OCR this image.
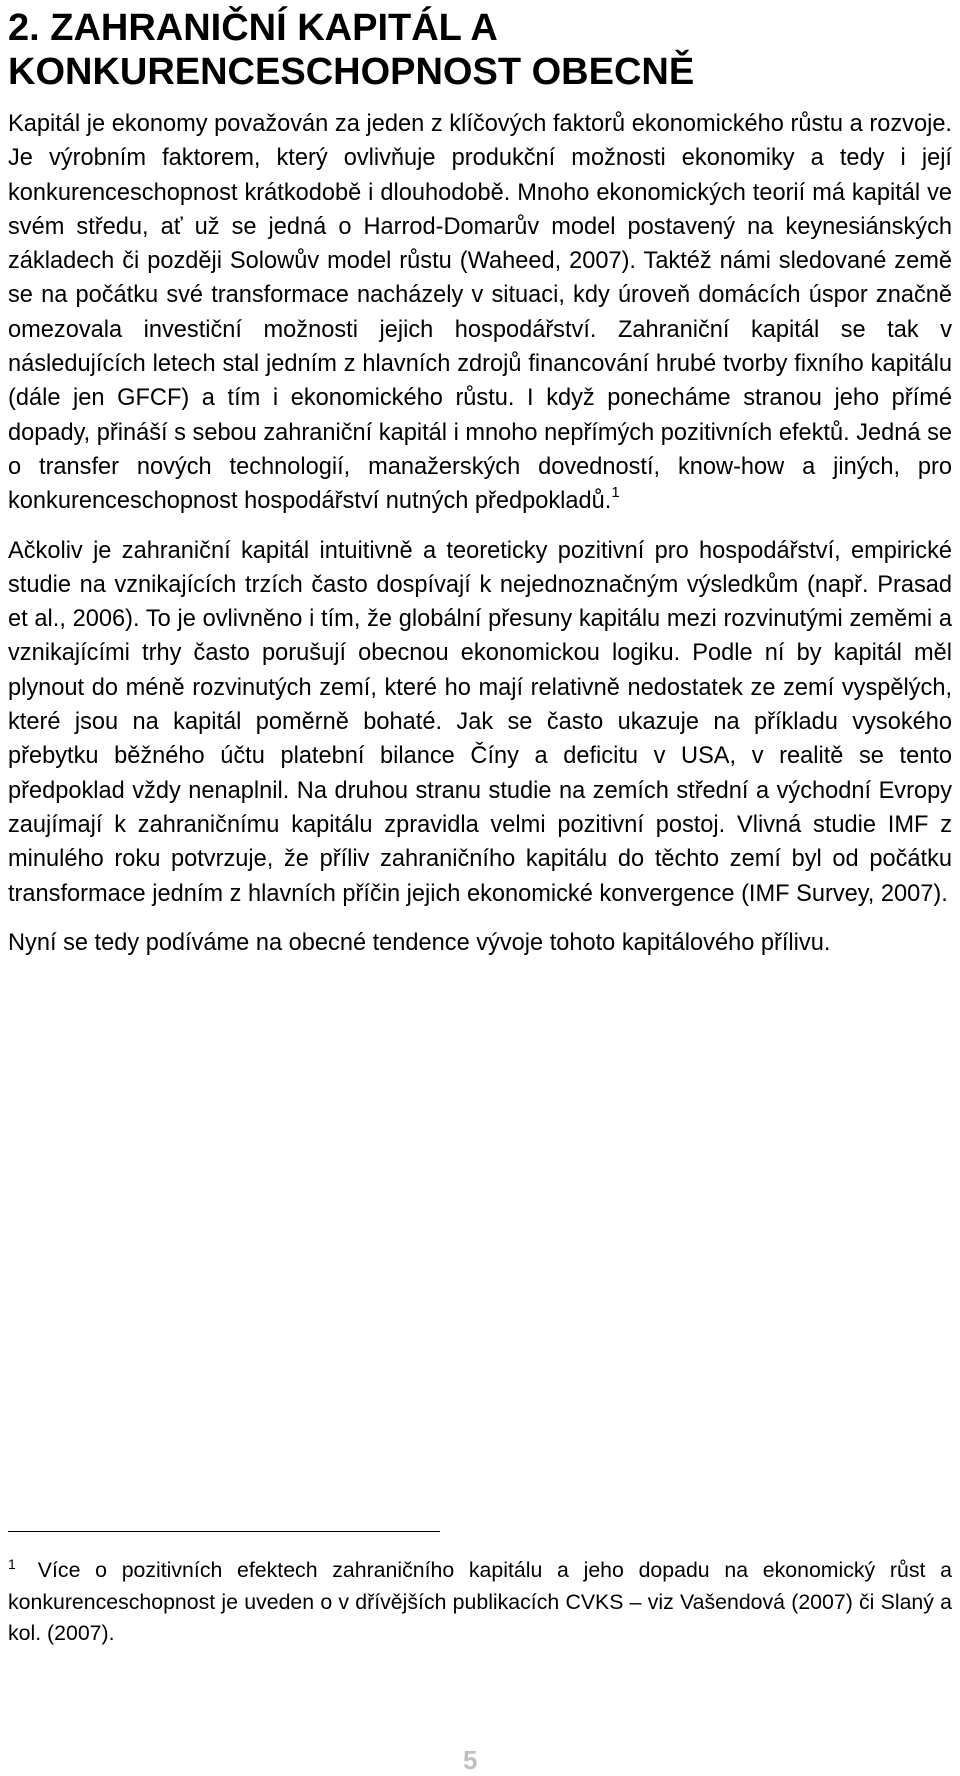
2. ZAHRANIČNÍ KAPITÁL A
KONKURENCESCHOPNOST OBECNĚ

Kapitál je ekonomy považován za jeden z klíčových faktorů ekonomického růstu a rozvoje. Je výrobním faktorem, který ovlivňuje produkční možnosti ekonomiky a tedy i její konkurenceschopnost krátkodobě i dlouhodobě. Mnoho ekonomických teorií má kapitál ve svém středu, ať už se jedná o Harrod-Domarův model postavený na keynesiánských základech či později Solowův model růstu (Waheed, 2007). Taktéž námi sledované země se na počátku své transformace nacházely v situaci, kdy úroveň domácích úspor značně omezovala investiční možnosti jejich hospodářství. Zahraniční kapitál se tak v následujících letech stal jedním z hlavních zdrojů financování hrubé tvorby fixního kapitálu (dále jen GFCF) a tím i ekonomického růstu. I když ponecháme stranou jeho přímé dopady, přináší s sebou zahraniční kapitál i mnoho nepřímých pozitivních efektů. Jedná se o transfer nových technologií, manažerských dovedností, know-how a jiných, pro konkurenceschopnost hospodářství nutných předpokladů.$^1$

Ačkoliv je zahraniční kapitál intuitivně a teoreticky pozitivní pro hospodářství, empirické studie na vznikajících trzích často dospívají k nejednoznačným výsledkům (např. Prasad et al., 2006). To je ovlivněno i tím, že globální přesuny kapitálu mezi rozvinutými zeměmi a vznikajícími trhy často porušují obecnou ekonomickou logiku. Podle ní by kapitál měl plynout do méně rozvinutých zemí, které ho mají relativně nedostatek ze zemí vyspělých, které jsou na kapitál poměrně bohaté. Jak se často ukazuje na příkladu vysokého přebytku běžného účtu platební bilance Číny a deficitu v USA, v realitě se tento předpoklad vždy nenaplnil. Na druhou stranu studie na zemích střední a východní Evropy zaujímají k zahraničnímu kapitálu zpravidla velmi pozitivní postoj. Vlivná studie IMF z minulého roku potvrzuje, že příliv zahraničního kapitálu do těchto zemí byl od počátku transformace jedním z hlavních příčin jejich ekonomické konvergence (IMF Survey, 2007).

Nyní se tedy podíváme na obecné tendence vývoje tohoto kapitálového přílivu.

$^1$ Více o pozitivních efektech zahraničního kapitálu a jeho dopadu na ekonomický růst a konkurenceschopnost je uveden o v dřívějších publikacích CVKS – viz Vašendová (2007) či Slaný a kol. (2007).

5
